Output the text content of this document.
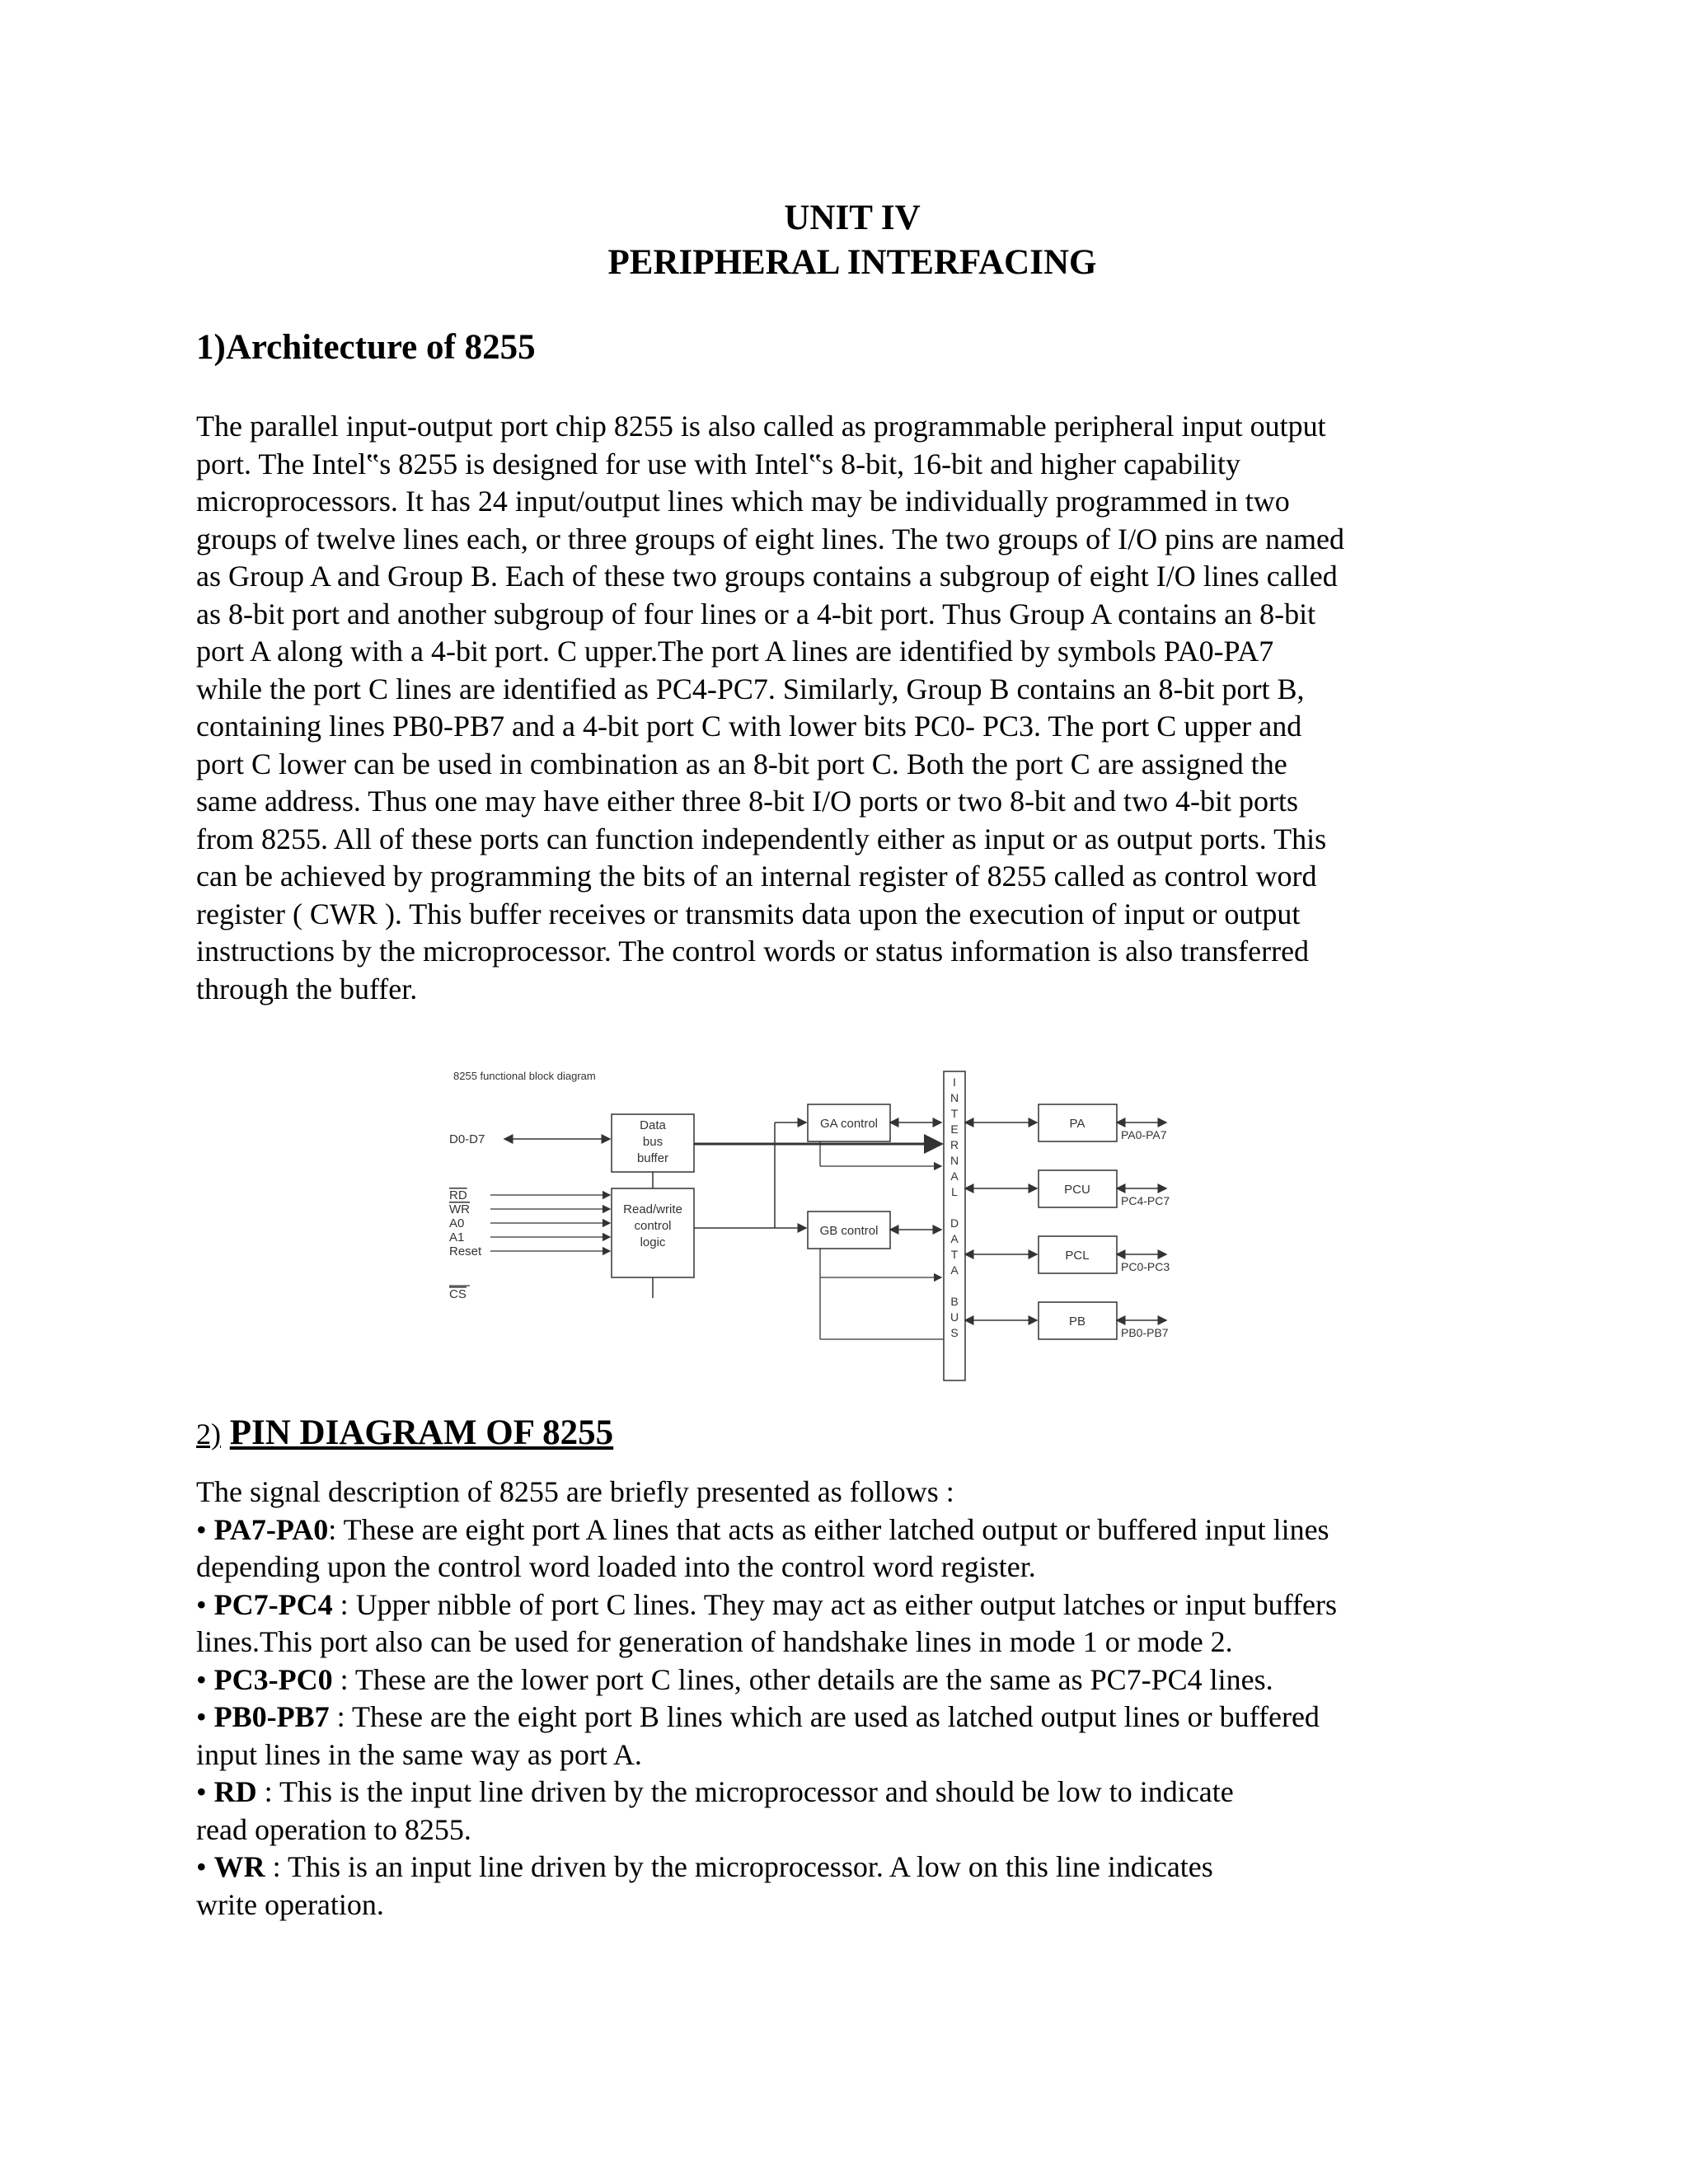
UNIT IV
PERIPHERAL INTERFACING
1)Architecture of 8255
The parallel input-output port chip 8255 is also called as programmable peripheral input output
port. The Intel‟s 8255 is designed for use with Intel‟s 8-bit, 16-bit and higher capability
microprocessors. It has 24 input/output lines which may be individually programmed in two
groups of twelve lines each, or three groups of eight lines. The two groups of I/O pins are named
as Group A and Group B. Each of these two groups contains a subgroup of eight I/O lines called
as 8-bit port and another subgroup of four lines or a 4-bit port. Thus Group A contains an 8-bit
port A along with a 4-bit port. C upper.The port A lines are identified by symbols PA0-PA7
while the port C lines are identified as PC4-PC7. Similarly, Group B contains an 8-bit port B,
containing lines PB0-PB7 and a 4-bit port C with lower bits PC0- PC3. The port C upper and
port C lower can be used in combination as an 8-bit port C. Both the port C are assigned the
same address. Thus one may have either three 8-bit I/O ports or two 8-bit and two 4-bit ports
from 8255. All of these ports can function independently either as input or as output ports. This
can be achieved by programming the bits of an internal register of 8255 called as control word
register ( CWR ). This buffer receives or transmits data upon the execution of input or output
instructions by the microprocessor. The control words or status information is also transferred
through the buffer.
8255 functional block diagram
Data
bus
buffer
Read/write
control
logic
D0-D7
RD
WR
A0
A1
Reset
CS
GA control
GB control
I
N
T
E
R
N
A
L
D
A
T
A
B
U
S
PA
PA0-PA7
PCU
PC4-PC7
PCL
PC0-PC3
PB
PB0-PB7
2) PIN DIAGRAM OF 8255
The signal description of 8255 are briefly presented as follows :
• PA7-PA0: These are eight port A lines that acts as either latched output or buffered input lines
depending upon the control word loaded into the control word register.
• PC7-PC4 : Upper nibble of port C lines. They may act as either output latches or input buffers
lines.This port also can be used for generation of handshake lines in mode 1 or mode 2.
• PC3-PC0 : These are the lower port C lines, other details are the same as PC7-PC4 lines.
• PB0-PB7 : These are the eight port B lines which are used as latched output lines or buffered
input lines in the same way as port A.
• RD : This is the input line driven by the microprocessor and should be low to indicate
read operation to 8255.
• WR : This is an input line driven by the microprocessor. A low on this line indicates
write operation.
